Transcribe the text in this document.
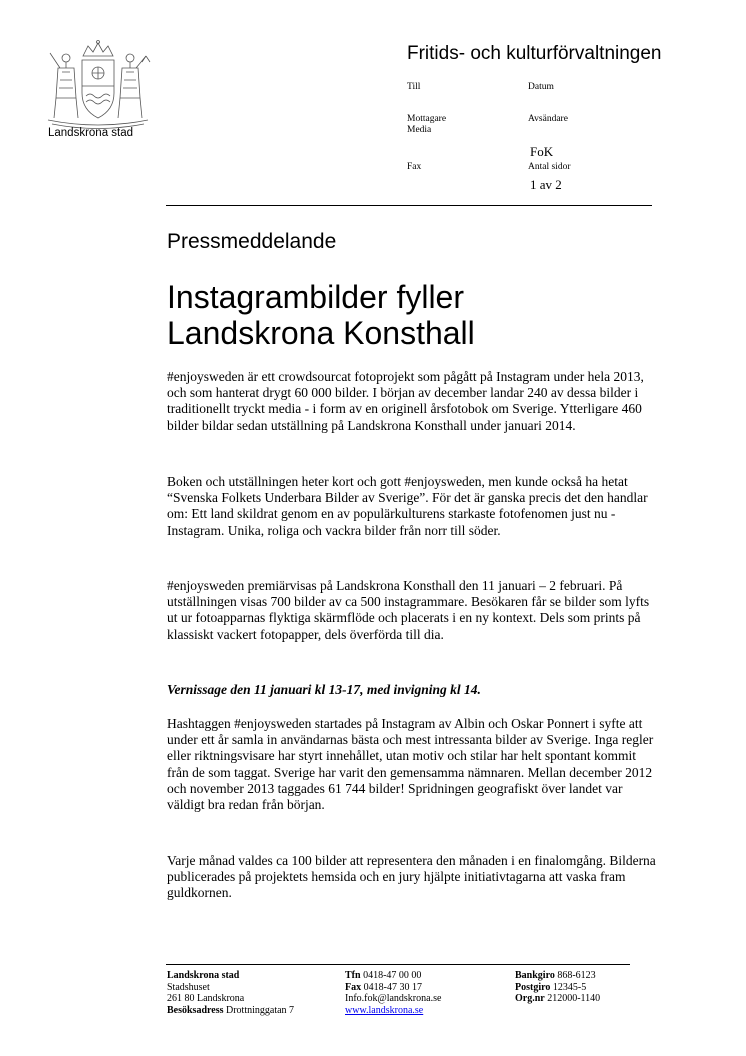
Landskrona stad
Fritids- och kulturförvaltningen
Till	Datum
Mottagare
Media
Avsändare
FoK
Fax	Antal sidor
1 av 2
Pressmeddelande
Instagrambilder fyller
Landskrona Konsthall

#enjoysweden är ett crowdsourcat fotoprojekt som pågått på Instagram under hela 2013, och som hanterat drygt 60 000 bilder. I början av december landar 240 av dessa bilder i traditionellt tryckt media - i form av en originell årsfotobok om Sverige. Ytterligare 460 bilder bildar sedan utställning på Landskrona Konsthall under januari 2014.

Boken och utställningen heter kort och gott #enjoysweden, men kunde också ha hetat “Svenska Folkets Underbara Bilder av Sverige”. För det är ganska precis det den handlar om: Ett land skildrat genom en av populärkulturens starkaste fotofenomen just nu - Instagram. Unika, roliga och vackra bilder från norr till söder.

#enjoysweden premiärvisas på Landskrona Konsthall den 11 januari – 2 februari. På utställningen visas 700 bilder av ca 500 instagrammare. Besökaren får se bilder som lyfts ut ur fotoapparnas flyktiga skärmflöde och placerats i en ny kontext. Dels som prints på klassiskt vackert fotopapper, dels överförda till dia.

Vernissage den 11 januari kl 13-17, med invigning kl 14.

Hashtaggen #enjoysweden startades på Instagram av Albin och Oskar Ponnert i syfte att under ett år samla in användarnas bästa och mest intressanta bilder av Sverige. Inga regler eller riktningsvisare har styrt innehållet, utan motiv och stilar har helt spontant kommit från de som taggat. Sverige har varit den gemensamma nämnaren. Mellan december 2012 och november 2013 taggades 61 744 bilder! Spridningen geografiskt över landet var väldigt bra redan från början.

Varje månad valdes ca 100 bilder att representera den månaden i en finalomgång. Bilderna publicerades på projektets hemsida och en jury hjälpte initiativtagarna att vaska fram guldkornen.

Landskrona stad
Stadshuset
261 80 Landskrona
Besöksadress Drottninggatan 7
Tfn 0418-47 00 00
Fax 0418-47 30 17
Info.fok@landskrona.se
www.landskrona.se
Bankgiro 868-6123
Postgiro 12345-5
Org.nr 212000-1140
